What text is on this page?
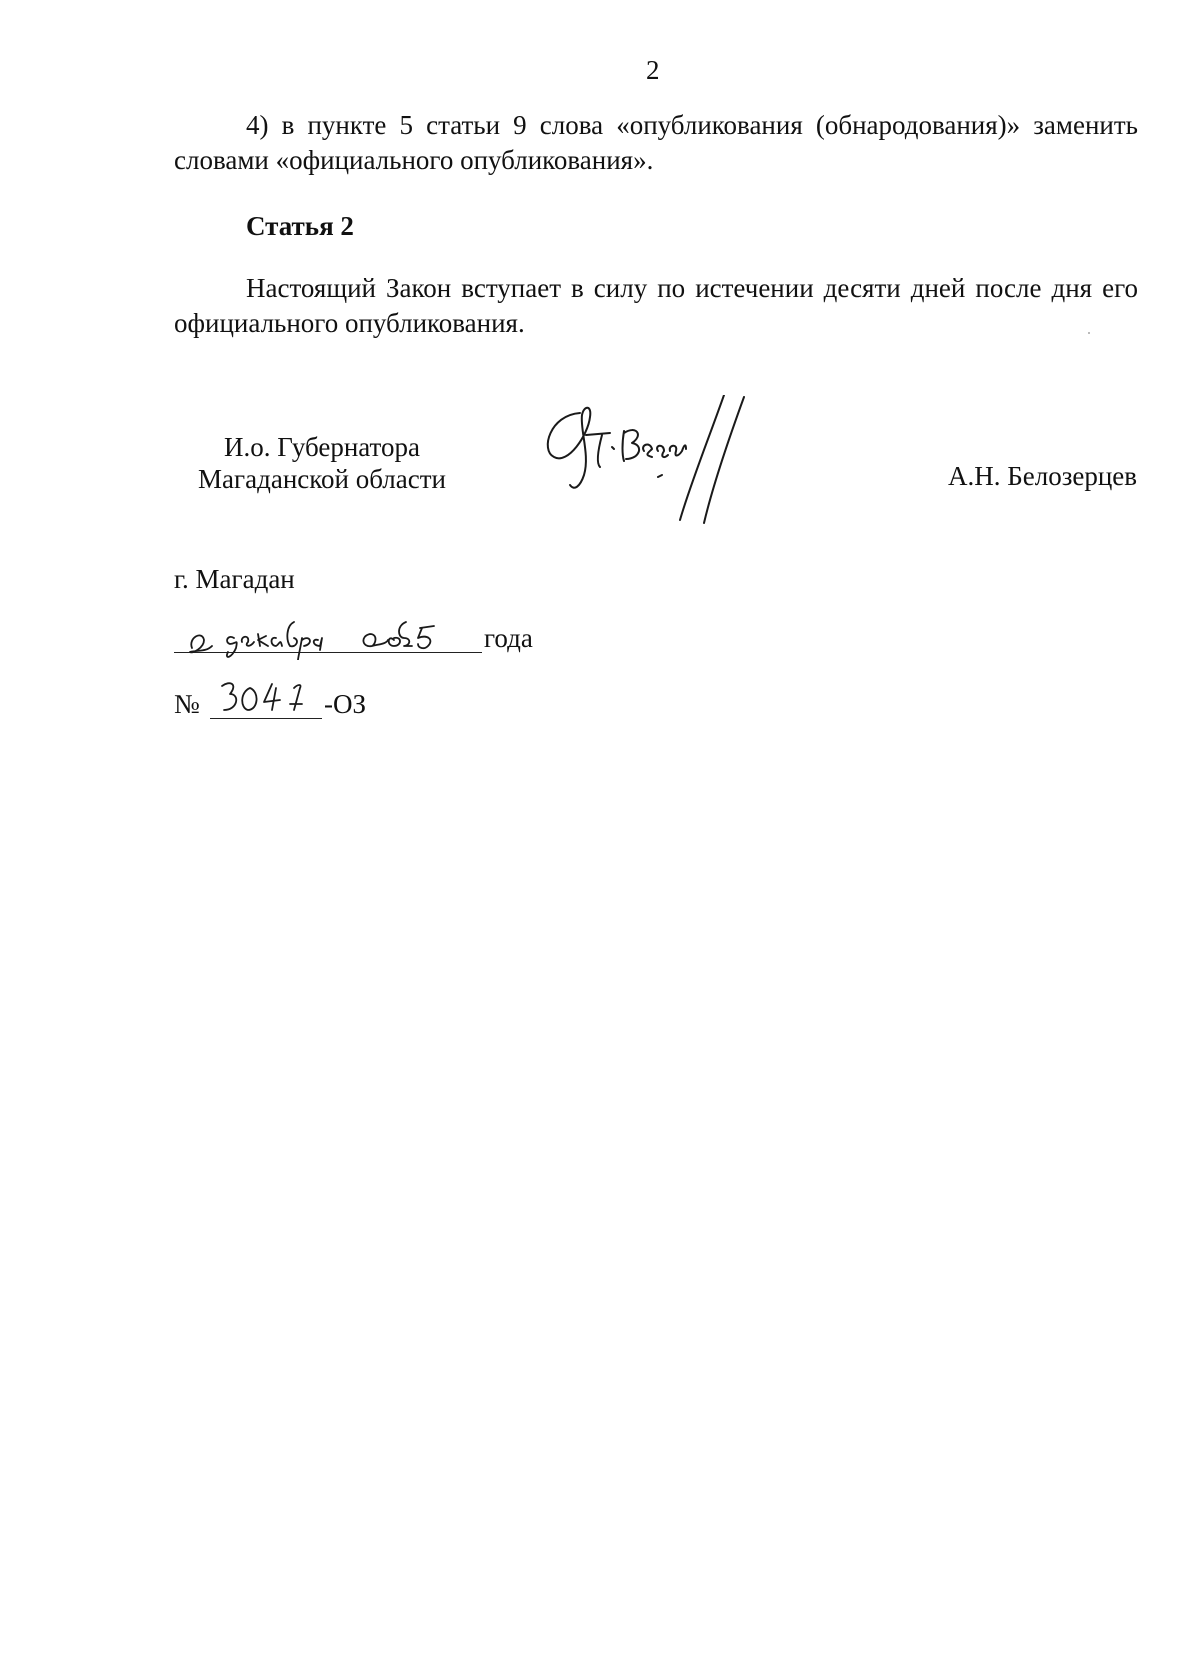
2
4) в пункте 5 статьи 9 слова «опубликования (обнародования)» заменить словами «официального опубликования».
Статья 2
Настоящий Закон вступает в силу по истечении десяти дней после дня его официального опубликования.
И.о. Губернатора
Магаданской области	А.Н. Белозерцев
г. Магадан
года
№	-ОЗ
